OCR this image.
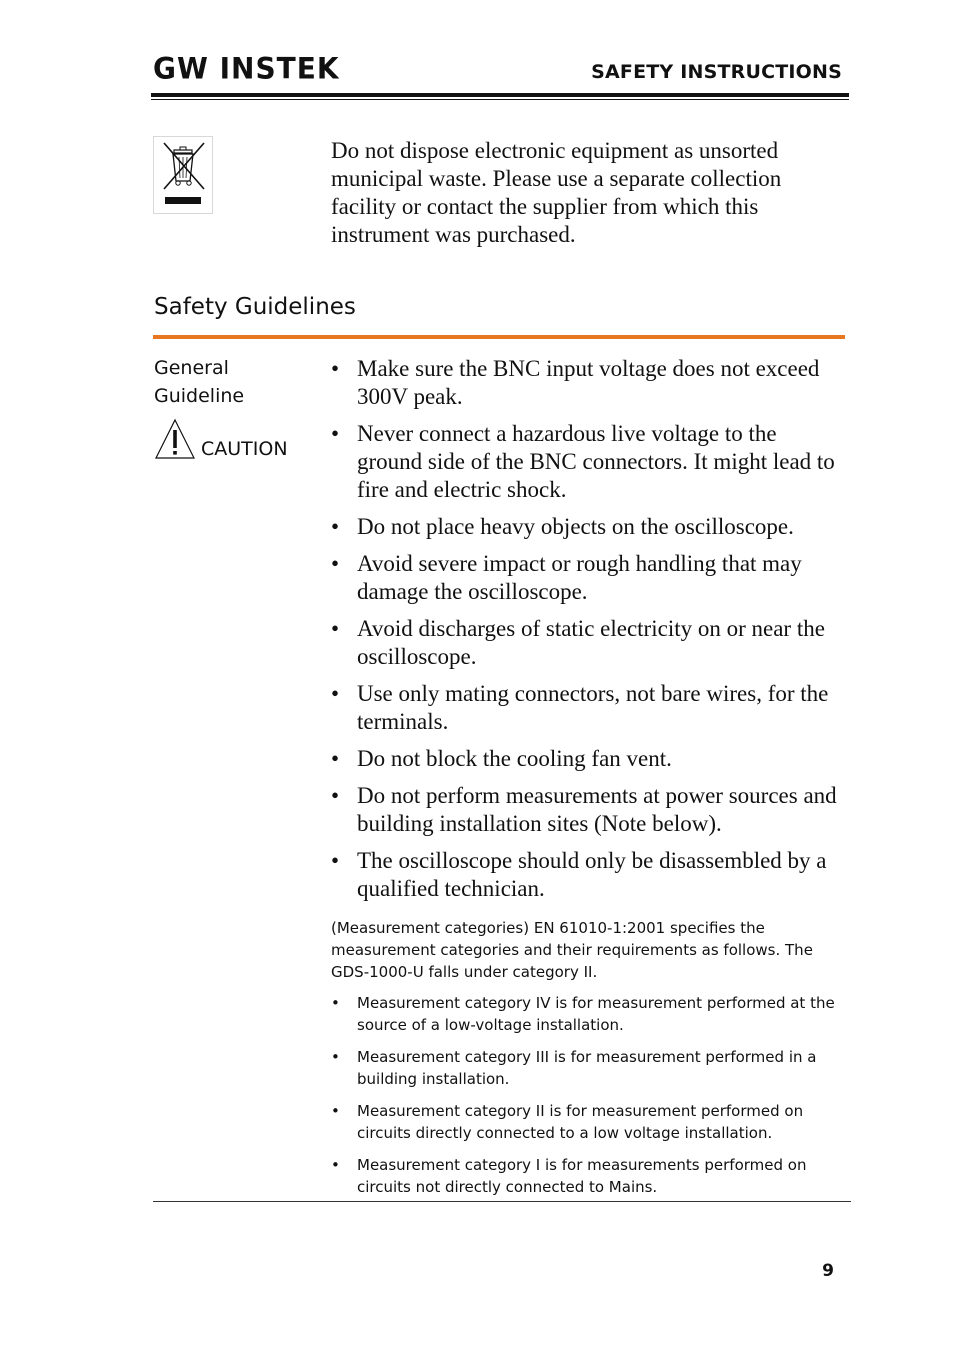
GW INSTEK	SAFETY INSTRUCTIONS
Do not dispose electronic equipment as unsorted municipal waste. Please use a separate collection facility or contact the supplier from which this instrument was purchased.
Safety Guidelines
General Guideline
CAUTION
• Make sure the BNC input voltage does not exceed 300V peak.
• Never connect a hazardous live voltage to the ground side of the BNC connectors. It might lead to fire and electric shock.
• Do not place heavy objects on the oscilloscope.
• Avoid severe impact or rough handling that may damage the oscilloscope.
• Avoid discharges of static electricity on or near the oscilloscope.
• Use only mating connectors, not bare wires, for the terminals.
• Do not block the cooling fan vent.
• Do not perform measurements at power sources and building installation sites (Note below).
• The oscilloscope should only be disassembled by a qualified technician.
(Measurement categories) EN 61010-1:2001 specifies the measurement categories and their requirements as follows. The GDS-1000-U falls under category II.
• Measurement category IV is for measurement performed at the source of a low-voltage installation.
• Measurement category III is for measurement performed in a building installation.
• Measurement category II is for measurement performed on circuits directly connected to a low voltage installation.
• Measurement category I is for measurements performed on circuits not directly connected to Mains.
9
